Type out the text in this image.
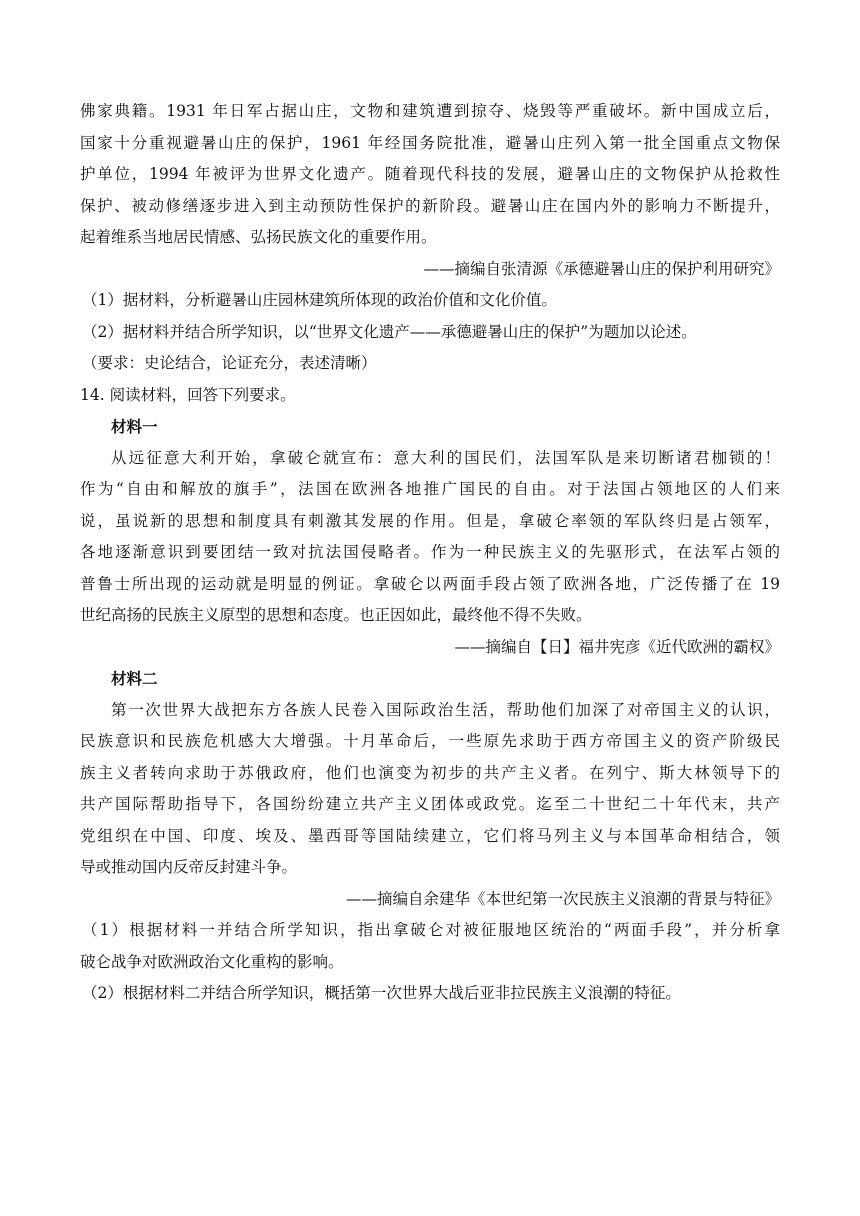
佛家典籍。1931 年日军占据山庄，文物和建筑遭到掠夺、烧毁等严重破坏。新中国成立后，
国家十分重视避暑山庄的保护，1961 年经国务院批准，避暑山庄列入第一批全国重点文物保
护单位，1994 年被评为世界文化遗产。随着现代科技的发展，避暑山庄的文物保护从抢救性
保护、被动修缮逐步进入到主动预防性保护的新阶段。避暑山庄在国内外的影响力不断提升，
起着维系当地居民情感、弘扬民族文化的重要作用。
——摘编自张清源《承德避暑山庄的保护利用研究》
（1）据材料，分析避暑山庄园林建筑所体现的政治价值和文化价值。
（2）据材料并结合所学知识，以“世界文化遗产——承德避暑山庄的保护”为题加以论述。
（要求：史论结合，论证充分，表述清晰）
14. 阅读材料，回答下列要求。
材料一
从远征意大利开始，拿破仑就宣布：意大利的国民们，法国军队是来切断诸君枷锁的！
作为“自由和解放的旗手”，法国在欧洲各地推广国民的自由。对于法国占领地区的人们来
说，虽说新的思想和制度具有刺激其发展的作用。但是，拿破仑率领的军队终归是占领军，
各地逐渐意识到要团结一致对抗法国侵略者。作为一种民族主义的先驱形式，在法军占领的
普鲁士所出现的运动就是明显的例证。拿破仑以两面手段占领了欧洲各地，广泛传播了在 19
世纪高扬的民族主义原型的思想和态度。也正因如此，最终他不得不失败。
——摘编自【日】福井宪彦《近代欧洲的霸权》
材料二
第一次世界大战把东方各族人民卷入国际政治生活，帮助他们加深了对帝国主义的认识，
民族意识和民族危机感大大增强。十月革命后，一些原先求助于西方帝国主义的资产阶级民
族主义者转向求助于苏俄政府，他们也演变为初步的共产主义者。在列宁、斯大林领导下的
共产国际帮助指导下，各国纷纷建立共产主义团体或政党。迄至二十世纪二十年代末，共产
党组织在中国、印度、埃及、墨西哥等国陆续建立，它们将马列主义与本国革命相结合，领
导或推动国内反帝反封建斗争。
——摘编自余建华《本世纪第一次民族主义浪潮的背景与特征》
（1）根据材料一并结合所学知识，指出拿破仑对被征服地区统治的“两面手段”，并分析拿
破仑战争对欧洲政治文化重构的影响。
（2）根据材料二并结合所学知识，概括第一次世界大战后亚非拉民族主义浪潮的特征。
